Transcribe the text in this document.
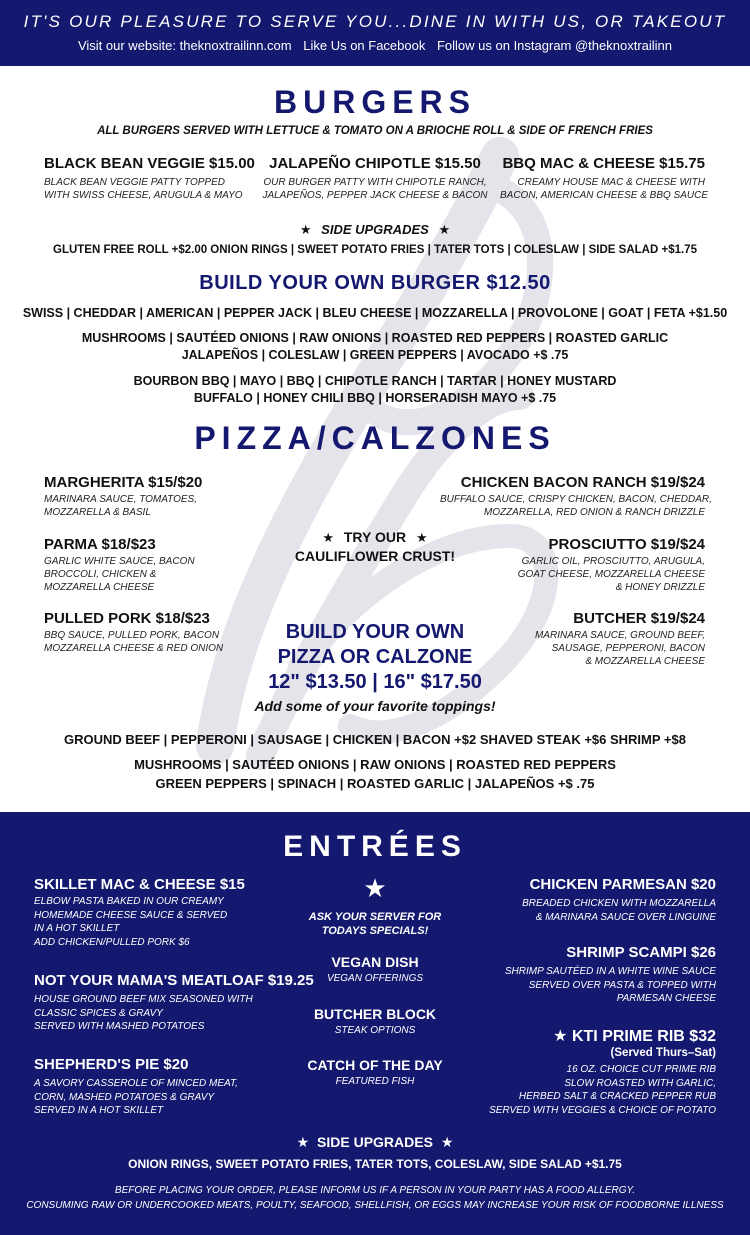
IT'S OUR PLEASURE TO SERVE YOU...DINE IN WITH US, OR TAKEOUT
Visit our website: theknoxtrailinn.com Like Us on Facebook Follow us on Instagram @theknoxtrailinn
BURGERS
ALL BURGERS SERVED WITH LETTUCE & TOMATO ON A BRIOCHE ROLL & SIDE OF FRENCH FRIES
BLACK BEAN VEGGIE $15.00
BLACK BEAN VEGGIE PATTY TOPPED
WITH SWISS CHEESE, ARUGULA & MAYO
JALAPEÑO CHIPOTLE $15.50
OUR BURGER PATTY WITH CHIPOTLE RANCH,
JALAPEÑOS, PEPPER JACK CHEESE & BACON
BBQ MAC & CHEESE $15.75
CREAMY HOUSE MAC & CHEESE WITH
BACON, AMERICAN CHEESE & BBQ SAUCE
★ SIDE UPGRADES ★
GLUTEN FREE ROLL +$2.00 ONION RINGS | SWEET POTATO FRIES | TATER TOTS | COLESLAW | SIDE SALAD +$1.75
BUILD YOUR OWN BURGER $12.50
SWISS | CHEDDAR | AMERICAN | PEPPER JACK | BLEU CHEESE | MOZZARELLA | PROVOLONE | GOAT | FETA +$1.50
MUSHROOMS | SAUTÉED ONIONS | RAW ONIONS | ROASTED RED PEPPERS | ROASTED GARLIC
JALAPEÑOS | COLESLAW | GREEN PEPPERS | AVOCADO +$ .75
BOURBON BBQ | MAYO | BBQ | CHIPOTLE RANCH | TARTAR | HONEY MUSTARD
BUFFALO | HONEY CHILI BBQ | HORSERADISH MAYO +$ .75
PIZZA/CALZONES
MARGHERITA $15/$20
MARINARA SAUCE, TOMATOES,
MOZZARELLA & BASIL
PARMA $18/$23
GARLIC WHITE SAUCE, BACON
BROCCOLI, CHICKEN &
MOZZARELLA CHEESE
PULLED PORK $18/$23
BBQ SAUCE, PULLED PORK, BACON
MOZZARELLA CHEESE & RED ONION
CHICKEN BACON RANCH $19/$24
BUFFALO SAUCE, CRISPY CHICKEN, BACON, CHEDDAR,
MOZZARELLA, RED ONION & RANCH DRIZZLE
PROSCIUTTO $19/$24
GARLIC OIL, PROSCIUTTO, ARUGULA,
GOAT CHEESE, MOZZARELLA CHEESE
& HONEY DRIZZLE
BUTCHER $19/$24
MARINARA SAUCE, GROUND BEEF,
SAUSAGE, PEPPERONI, BACON
& MOZZARELLA CHEESE
★ TRY OUR ★
CAULIFLOWER CRUST!
BUILD YOUR OWN
PIZZA OR CALZONE
12" $13.50 | 16" $17.50
Add some of your favorite toppings!
GROUND BEEF | PEPPERONI | SAUSAGE | CHICKEN | BACON +$2 SHAVED STEAK +$6 SHRIMP +$8
MUSHROOMS | SAUTÉED ONIONS | RAW ONIONS | ROASTED RED PEPPERS
GREEN PEPPERS | SPINACH | ROASTED GARLIC | JALAPEÑOS +$ .75
ENTRÉES
SKILLET MAC & CHEESE $15
ELBOW PASTA BAKED IN OUR CREAMY
HOMEMADE CHEESE SAUCE & SERVED
IN A HOT SKILLET
ADD CHICKEN/PULLED PORK $6
NOT YOUR MAMA'S MEATLOAF $19.25
HOUSE GROUND BEEF MIX SEASONED WITH
CLASSIC SPICES & GRAVY
SERVED WITH MASHED POTATOES
SHEPHERD'S PIE $20
A SAVORY CASSEROLE OF MINCED MEAT,
CORN, MASHED POTATOES & GRAVY
SERVED IN A HOT SKILLET
★
ASK YOUR SERVER FOR
TODAYS SPECIALS!
VEGAN DISH
VEGAN OFFERINGS
BUTCHER BLOCK
STEAK OPTIONS
CATCH OF THE DAY
FEATURED FISH
CHICKEN PARMESAN $20
BREADED CHICKEN WITH MOZZARELLA
& MARINARA SAUCE OVER LINGUINE
SHRIMP SCAMPI $26
SHRIMP SAUTÉED IN A WHITE WINE SAUCE
SERVED OVER PASTA & TOPPED WITH
PARMESAN CHEESE
★ KTI PRIME RIB $32
(Served Thurs–Sat)
16 OZ. CHOICE CUT PRIME RIB
SLOW ROASTED WITH GARLIC,
HERBED SALT & CRACKED PEPPER RUB
SERVED WITH VEGGIES & CHOICE OF POTATO
★ SIDE UPGRADES ★
ONION RINGS, SWEET POTATO FRIES, TATER TOTS, COLESLAW, SIDE SALAD +$1.75
BEFORE PLACING YOUR ORDER, PLEASE INFORM US IF A PERSON IN YOUR PARTY HAS A FOOD ALLERGY.
CONSUMING RAW OR UNDERCOOKED MEATS, POULTY, SEAFOOD, SHELLFISH, OR EGGS MAY INCREASE YOUR RISK OF FOODBORNE ILLNESS
